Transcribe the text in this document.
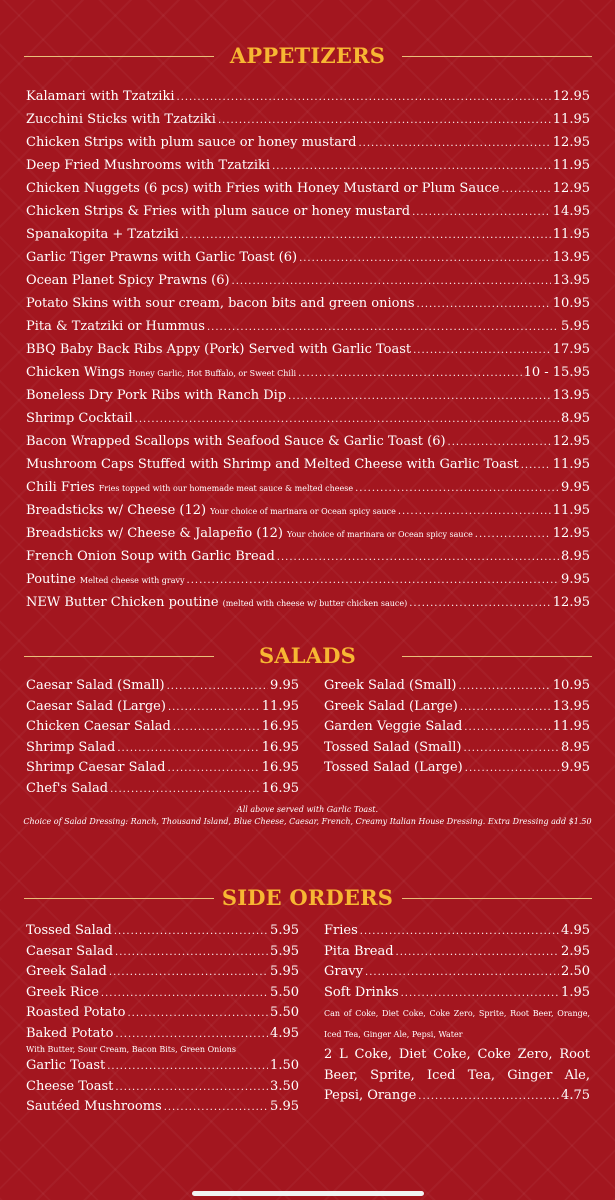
APPETIZERS
Kalamari with Tzatziki .....	12.95
Zucchini Sticks with Tzatziki .....	11.95
Chicken Strips with plum sauce or honey mustard .....	12.95
Deep Fried Mushrooms with Tzatziki .....	11.95
Chicken Nuggets (6 pcs) with Fries with Honey Mustard or Plum Sauce .....	12.95
Chicken Strips & Fries with plum sauce or honey mustard .....	14.95
Spanakopita + Tzatziki .....	11.95
Garlic Tiger Prawns with Garlic Toast (6) .....	13.95
Ocean Planet Spicy Prawns (6) .....	13.95
Potato Skins with sour cream, bacon bits and green onions .....	10.95
Pita & Tzatziki or Hummus .....	5.95
BBQ Baby Back Ribs Appy (Pork) Served with Garlic Toast .....	17.95
Chicken Wings Honey Garlic, Hot Buffalo, or Sweet Chili .....	10 - 15.95
Boneless Dry Pork Ribs with Ranch Dip .....	13.95
Shrimp Cocktail .....	8.95
Bacon Wrapped Scallops with Seafood Sauce & Garlic Toast (6) .....	12.95
Mushroom Caps Stuffed with Shrimp and Melted Cheese with Garlic Toast .....	11.95
Chili Fries Fries topped with our homemade meat sauce & melted cheese .....	9.95
Breadsticks w/ Cheese (12) Your choice of marinara or Ocean spicy sauce .....	11.95
Breadsticks w/ Cheese & Jalapeño (12) Your choice of marinara or Ocean spicy sauce .....	12.95
French Onion Soup with Garlic Bread .....	8.95
Poutine Melted cheese with gravy .....	9.95
NEW Butter Chicken poutine (melted with cheese w/ butter chicken sauce) .....	12.95
SALADS
Caesar Salad (Small) .....	9.95
Caesar Salad (Large) .....	11.95
Chicken Caesar Salad .....	16.95
Shrimp Salad .....	16.95
Shrimp Caesar Salad .....	16.95
Chef's Salad .....	16.95
Greek Salad (Small) .....	10.95
Greek Salad (Large) .....	13.95
Garden Veggie Salad .....	11.95
Tossed Salad (Small) .....	8.95
Tossed Salad (Large) .....	9.95
All above served with Garlic Toast.
Choice of Salad Dressing: Ranch, Thousand Island, Blue Cheese, Caesar, French, Creamy Italian House Dressing. Extra Dressing add $1.50
SIDE ORDERS
Tossed Salad .....	5.95
Caesar Salad .....	5.95
Greek Salad .....	5.95
Greek Rice .....	5.50
Roasted Potato .....	5.50
Baked Potato .....	4.95
With Butter, Sour Cream, Bacon Bits, Green Onions
Garlic Toast .....	1.50
Cheese Toast .....	3.50
Sautéed Mushrooms .....	5.95
Fries .....	4.95
Pita Bread .....	2.95
Gravy .....	2.50
Soft Drinks .....	1.95
Can of Coke, Diet Coke, Coke Zero, Sprite, Root Beer, Orange, Iced Tea, Ginger Ale, Pepsi, Water
2 L Coke, Diet Coke, Coke Zero, Root Beer, Sprite, Iced Tea, Ginger Ale,
Pepsi, Orange .....	4.75
